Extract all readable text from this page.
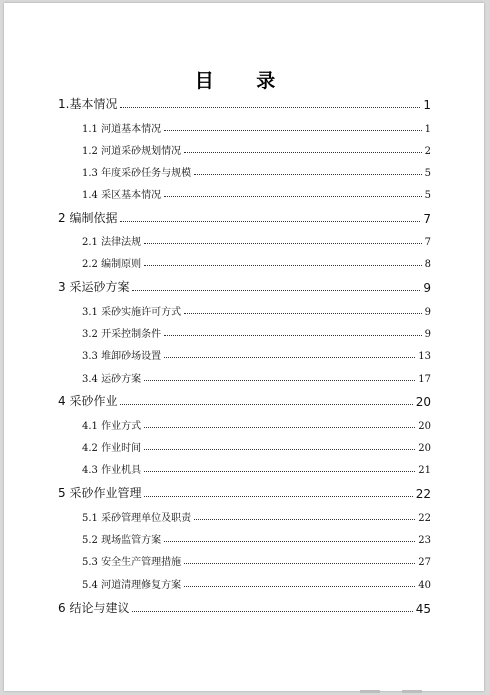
目 录
1.基本情况	1
1.1 河道基本情况	1
1.2 河道采砂规划情况	2
1.3 年度采砂任务与规模	5
1.4 采区基本情况	5
2 编制依据	7
2.1 法律法规	7
2.2 编制原则	8
3 采运砂方案	9
3.1 采砂实施许可方式	9
3.2 开采控制条件	9
3.3 堆卸砂场设置	13
3.4 运砂方案	17
4 采砂作业	20
4.1 作业方式	20
4.2 作业时间	20
4.3 作业机具	21
5 采砂作业管理	22
5.1 采砂管理单位及职责	22
5.2 现场监管方案	23
5.3 安全生产管理措施	27
5.4 河道清理修复方案	40
6 结论与建议	45
